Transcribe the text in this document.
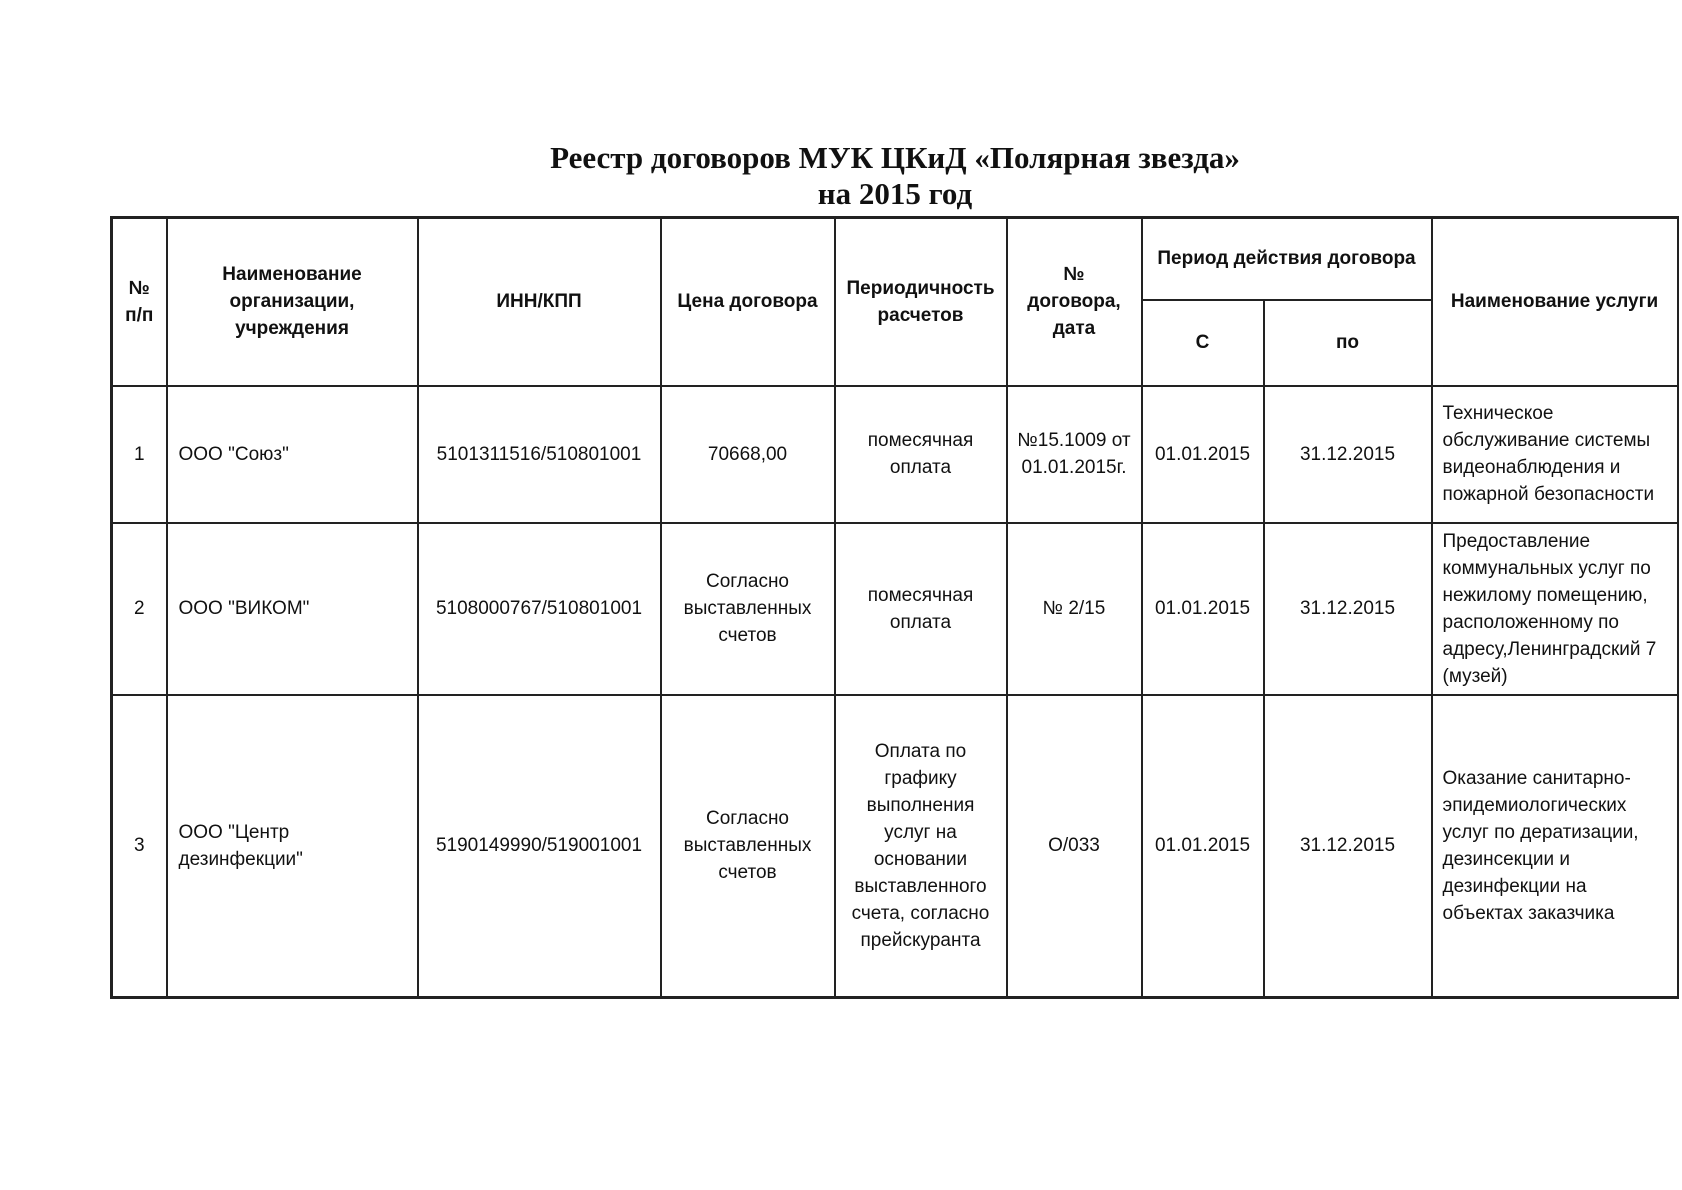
Реестр договоров МУК ЦКиД «Полярная звезда»
на 2015 год
№ п/п	Наименование организации, учреждения	ИНН/КПП	Цена договора	Периодичность расчетов	№ договора, дата	Период действия договора		Наименование услуги
						С	по	
1	ООО "Союз"	5101311516/510801001	70668,00	помесячная оплата	№15.1009 от 01.01.2015г.	01.01.2015	31.12.2015	Техническое обслуживание системы видеонаблюдения и пожарной безопасности
2	ООО "ВИКОМ"	5108000767/510801001	Согласно выставленных счетов	помесячная оплата	№ 2/15	01.01.2015	31.12.2015	Предоставление коммунальных услуг по нежилому помещению, расположенному по адресу,Ленинградский 7 (музей)
3	ООО "Центр дезинфекции"	5190149990/519001001	Согласно выставленных счетов	Оплата по графику выполнения услуг на основании выставленного счета, согласно прейскуранта	О/033	01.01.2015	31.12.2015	Оказание санитарно-эпидемиологических услуг по дератизации, дезинсекции и дезинфекции на объектах заказчика
